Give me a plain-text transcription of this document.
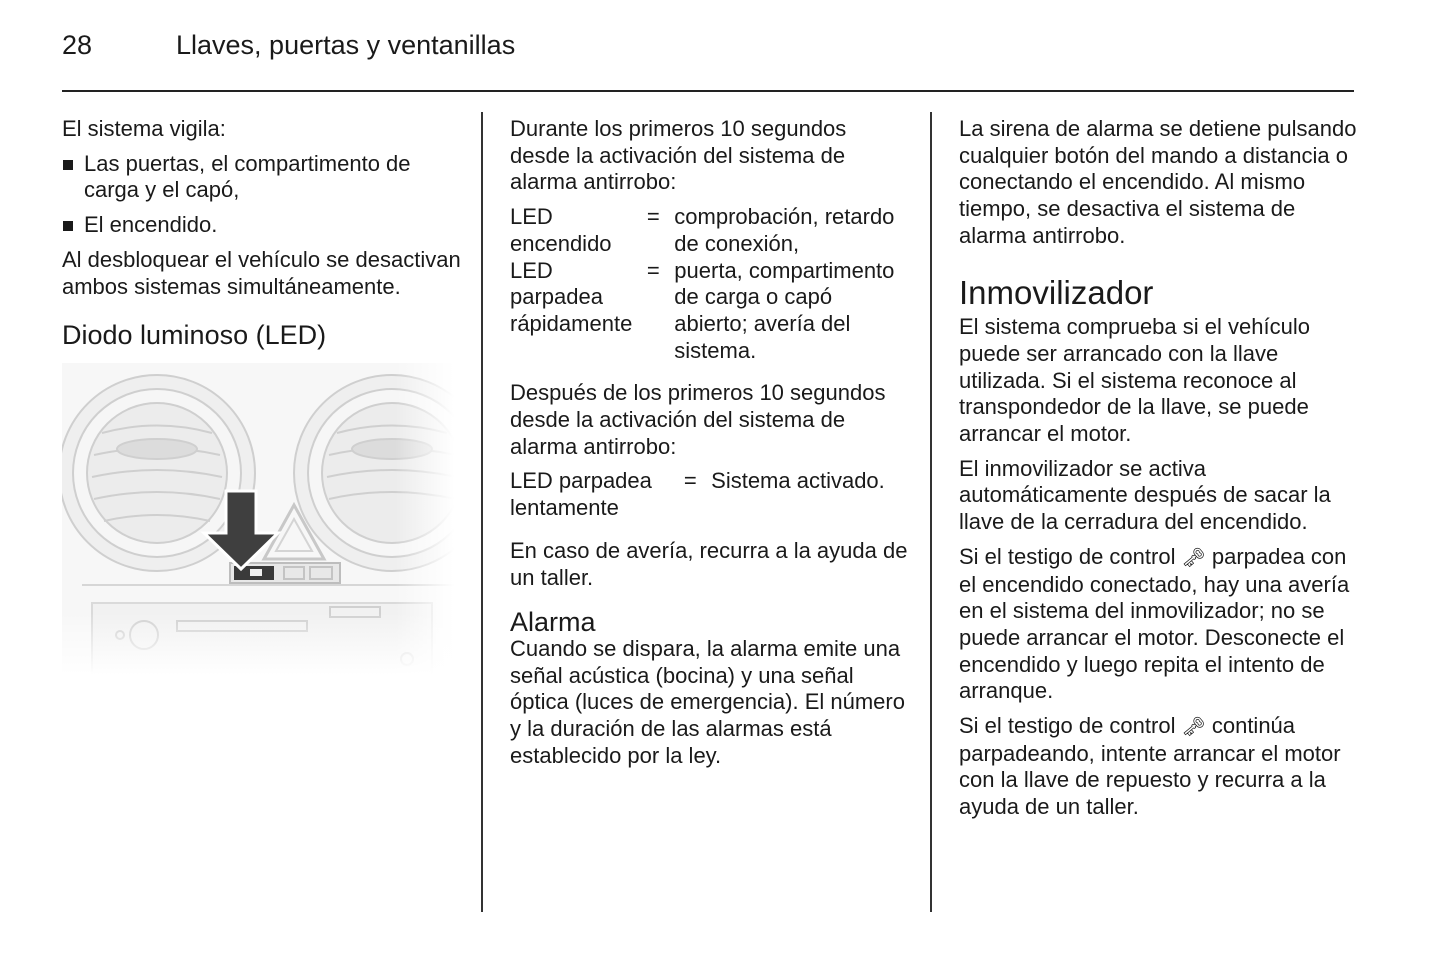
28	Llaves, puertas y ventanillas

El sistema vigila:

Las puertas, el compartimento de carga y el capó,
El encendido.

Al desbloquear el vehículo se desactivan ambos sistemas simultáneamente.

Diodo luminoso (LED)

Durante los primeros 10 segundos desde la activación del sistema de alarma antirrobo:

LED encendido	=	comprobación, retardo de conexión,
LED parpadea rápidamente	=	puerta, compartimento de carga o capó abierto; avería del sistema.

Después de los primeros 10 segundos desde la activación del sistema de alarma antirrobo:

LED parpadea lentamente	=	Sistema activado.

En caso de avería, recurra a la ayuda de un taller.

Alarma

Cuando se dispara, la alarma emite una señal acústica (bocina) y una señal óptica (luces de emergencia). El número y la duración de las alarmas está establecido por la ley.

La sirena de alarma se detiene pulsando cualquier botón del mando a distancia o conectando el encendido. Al mismo tiempo, se desactiva el sistema de alarma antirrobo.

Inmovilizador

El sistema comprueba si el vehículo puede ser arrancado con la llave utilizada. Si el sistema reconoce al transpondedor de la llave, se puede arrancar el motor.

El inmovilizador se activa automáticamente después de sacar la llave de la cerradura del encendido.

Si el testigo de control 🗝 parpadea con el encendido conectado, hay una avería en el sistema del inmovilizador; no se puede arrancar el motor. Desconecte el encendido y luego repita el intento de arranque.

Si el testigo de control 🗝 continúa parpadeando, intente arrancar el motor con la llave de repuesto y recurra a la ayuda de un taller.
